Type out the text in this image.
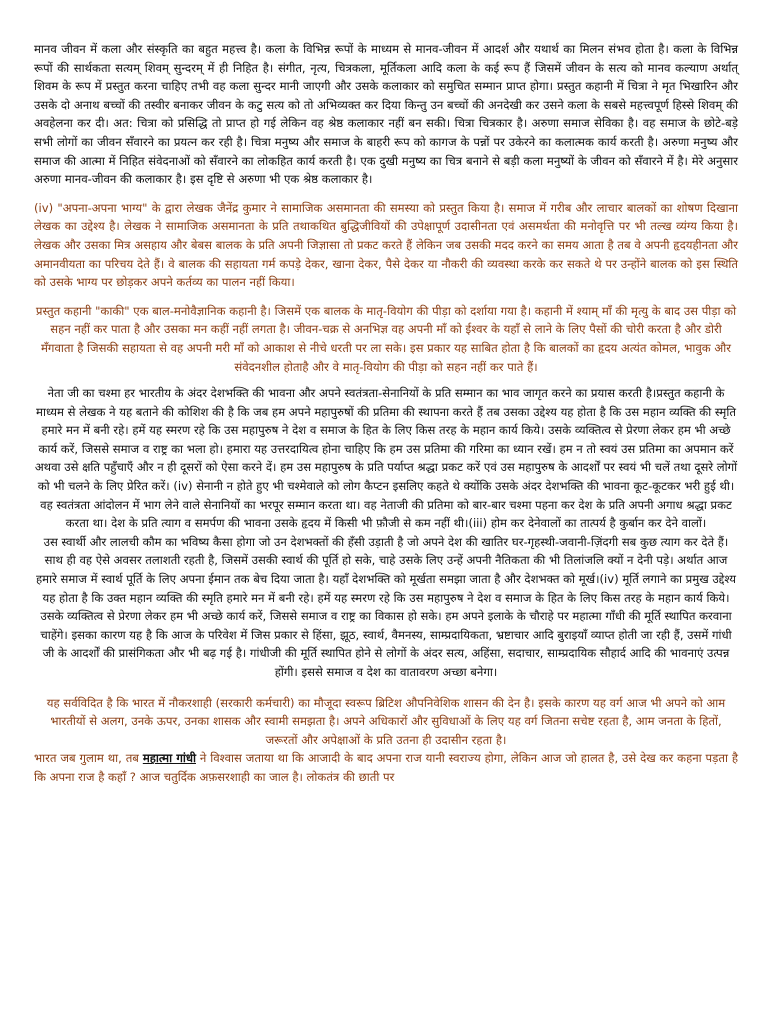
मानव जीवन में कला और संस्कृति का बहुत महत्त्व है। कला के विभिन्न रूपों के माध्यम से मानव-जीवन में आदर्श और यथार्थ का मिलन संभव होता है। कला के विभिन्न रूपों की सार्थकता सत्यम् शिवम् सुन्दरम् में ही निहित है। संगीत, नृत्य, चित्रकला, मूर्तिकला आदि कला के कई रूप हैं जिसमें जीवन के सत्य को मानव कल्याण अर्थात् शिवम के रूप में प्रस्तुत करना चाहिए तभी वह कला सुन्दर मानी जाएगी और उसके कलाकार को समुचित सम्मान प्राप्त होगा। प्रस्तुत कहानी में चित्रा ने मृत भिखारिन और उसके दो अनाथ बच्चों की तस्वीर बनाकर जीवन के कटु सत्य को तो अभिव्यक्त कर दिया किन्तु उन बच्चों की अनदेखी कर उसने कला के सबसे महत्त्वपूर्ण हिस्से शिवम् की अवहेलना कर दी। अत: चित्रा को प्रसिद्धि तो प्राप्त हो गई लेकिन वह श्रेष्ठ कलाकार नहीं बन सकी। चित्रा चित्रकार है। अरुणा समाज सेविका है। वह समाज के छोटे-बड़े सभी लोगों का जीवन सँवारने का प्रयत्न कर रही है। चित्रा मनुष्य और समाज के बाहरी रूप को कागज के पन्नों पर उकेरने का कलात्मक कार्य करती है। अरुणा मनुष्य और समाज की आत्मा में निहित संवेदनाओं को सँवारने का लोकहित कार्य करती है। एक दुखी मनुष्य का चित्र बनाने से बड़ी कला मनुष्यों के जीवन को सँवारने में है। मेरे अनुसार अरुणा मानव-जीवन की कलाकार है। इस दृष्टि से अरुणा भी एक श्रेष्ठ कलाकार है।

(iv) "अपना-अपना भाग्य" के द्वारा लेखक जैनेंद्र कुमार ने सामाजिक असमानता की समस्या को प्रस्तुत किया है। समाज में गरीब और लाचार बालकों का शोषण दिखाना लेखक का उद्देश्य है। लेखक ने सामाजिक असमानता के प्रति तथाकथित बुद्धिजीवियों की उपेक्षापूर्ण उदासीनता एवं असमर्थता की मनोवृत्ति पर भी तल्ख व्यंग्य किया है। लेखक और उसका मित्र असहाय और बेबस बालक के प्रति अपनी जिज्ञासा तो प्रकट करते हैं लेकिन जब उसकी मदद करने का समय आता है तब वे अपनी हृदयहीनता और अमानवीयता का परिचय देते हैं। वे बालक की सहायता गर्म कपड़े देकर, खाना देकर, पैसे देकर या नौकरी की व्यवस्था करके कर सकते थे पर उन्होंने बालक को इस स्थिति को उसके भाग्य पर छोड़कर अपने कर्तव्य का पालन नहीं किया।

प्रस्तुत कहानी "काकी" एक बाल-मनोवैज्ञानिक कहानी है। जिसमें एक बालक के मातृ-वियोग की पीड़ा को दर्शाया गया है। कहानी में श्याम् माँ की मृत्यु के बाद उस पीड़ा को सहन नहीं कर पाता है और उसका मन कहीं नहीं लगता है। जीवन-चक्र से अनभिज्ञ वह अपनी माँ को ईश्वर के यहाँ से लाने के लिए पैसों की चोरी करता है और डोरी मँगवाता है जिसकी सहायता से वह अपनी मरी माँ को आकाश से नीचे धरती पर ला सके। इस प्रकार यह साबित होता है कि बालकों का हृदय अत्यंत कोमल, भावुक और संवेदनशील होताहै और वे मातृ-वियोग की पीड़ा को सहन नहीं कर पाते हैं।

नेता जी का चश्मा हर भारतीय के अंदर देशभक्ति की भावना और अपने स्वतंत्रता-सेनानियों के प्रति सम्मान का भाव जागृत करने का प्रयास करती है।प्रस्तुत कहानी के माध्यम से लेखक ने यह बताने की कोशिश की है कि जब हम अपने महापुरुषों की प्रतिमा की स्थापना करते हैं तब उसका उद्देश्य यह होता है कि उस महान व्यक्ति की स्मृति हमारे मन में बनी रहे। हमें यह स्मरण रहे कि उस महापुरुष ने देश व समाज के हित के लिए किस तरह के महान कार्य किये। उसके व्यक्तित्व से प्रेरणा लेकर हम भी अच्छे कार्य करें, जिससे समाज व राष्ट्र का भला हो। हमारा यह उत्तरदायित्व होना चाहिए कि हम उस प्रतिमा की गरिमा का ध्यान रखें। हम न तो स्वयं उस प्रतिमा का अपमान करें अथवा उसे क्षति पहुँचाएँ और न ही दूसरों को ऐसा करने दें। हम उस महापुरुष के प्रति पर्याप्त श्रद्धा प्रकट करें एवं उस महापुरुष के आदर्शों पर स्वयं भी चलें तथा दूसरे लोगों को भी चलने के लिए प्रेरित करें। (iv) सेनानी न होते हुए भी चश्मेवाले को लोग कैप्टन इसलिए कहते थे क्योंकि उसके अंदर देशभक्ति की भावना कूट-कूटकर भरी हुई थी। वह स्वतंत्रता आंदोलन में भाग लेने वाले सेनानियों का भरपूर सम्मान करता था। वह नेताजी की प्रतिमा को बार-बार चश्मा पहना कर देश के प्रति अपनी अगाध श्रद्धा प्रकट करता था। देश के प्रति त्याग व समर्पण की भावना उसके हृदय में किसी भी फ़ौजी से कम नहीं थी।(iii) होम कर देनेवालों का तात्पर्य है कुर्बान कर देने वालों।

उस स्वार्थी और लालची कौम का भविष्य कैसा होगा जो उन देशभक्तों की हँसी उड़ाती है जो अपने देश की खातिर घर-गृहस्थी-जवानी-ज़िंदगी सब कुछ त्याग कर देते हैं। साथ ही वह ऐसे अवसर तलाशती रहती है, जिसमें उसकी स्वार्थ की पूर्ति हो सके, चाहे उसके लिए उन्हें अपनी नैतिकता की भी तिलांजलि क्यों न देनी पड़े। अर्थात आज हमारे समाज में स्वार्थ पूर्ति के लिए अपना ईमान तक बेच दिया जाता है। यहाँ देशभक्ति को मूर्खता समझा जाता है और देशभक्त को मूर्ख।(iv) मूर्ति लगाने का प्रमुख उद्देश्य यह होता है कि उक्त महान व्यक्ति की स्मृति हमारे मन में बनी रहे। हमें यह स्मरण रहे कि उस महापुरुष ने देश व समाज के हित के लिए किस तरह के महान कार्य किये। उसके व्यक्तित्व से प्रेरणा लेकर हम भी अच्छे कार्य करें, जिससे समाज व राष्ट्र का विकास हो सके। हम अपने इलाके के चौराहे पर महात्मा गाँधी की मूर्ति स्थापित करवाना चाहेंगे। इसका कारण यह है कि आज के परिवेश में जिस प्रकार से हिंसा, झूठ, स्वार्थ, वैमनस्य, साम्प्रदायिकता, भ्रष्टाचार आदि बुराइयाँ व्याप्त होती जा रही हैं, उसमें गांधी जी के आदर्शों की प्रासंगिकता और भी बढ़ गई है। गांधीजी की मूर्ति स्थापित होने से लोगों के अंदर सत्य, अहिंसा, सदाचार, साम्प्रदायिक सौहार्द आदि की भावनाएं उत्पन्न होंगी। इससे समाज व देश का वातावरण अच्छा बनेगा।

यह सर्वविदित है कि भारत में नौकरशाही (सरकारी कर्मचारी) का मौजूदा स्वरूप ब्रिटिश औपनिवेशिक शासन की देन है। इसके कारण यह वर्ग आज भी अपने को आम भारतीयों से अलग, उनके ऊपर, उनका शासक और स्वामी समझता है। अपने अधिकारों और सुविधाओं के लिए यह वर्ग जितना सचेष्ट रहता है, आम जनता के हितों, जरूरतों और अपेक्षाओं के प्रति उतना ही उदासीन रहता है।

भारत जब गुलाम था, तब महात्मा गांधी ने विश्वास जताया था कि आजादी के बाद अपना राज यानी स्वराज्य होगा, लेकिन आज जो हालत है, उसे देख कर कहना पड़ता है कि अपना राज है कहाँ ? आज चतुर्दिक अफ़सरशाही का जाल है। लोकतंत्र की छाती पर
